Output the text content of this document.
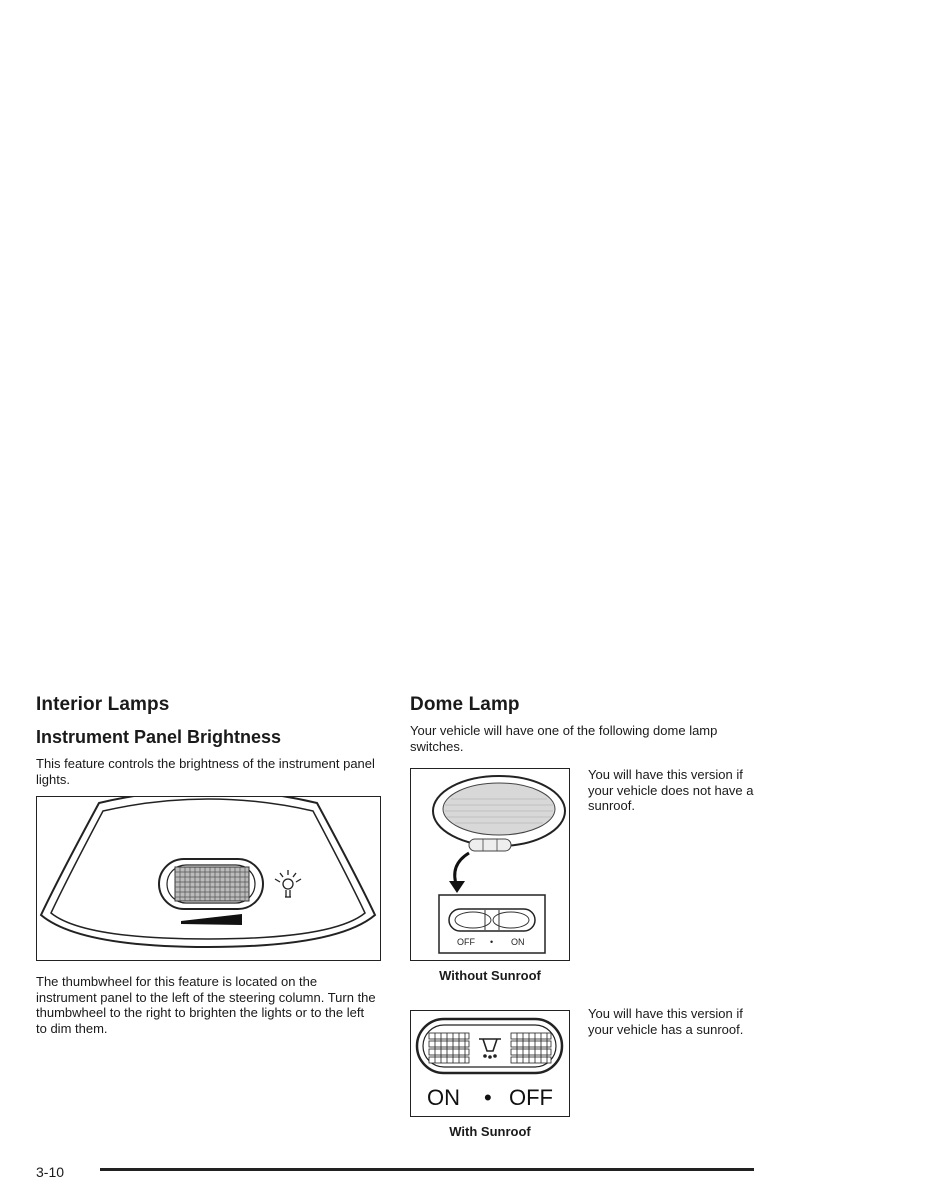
Interior Lamps
Instrument Panel Brightness

This feature controls the brightness of the instrument panel lights.

The thumbwheel for this feature is located on the instrument panel to the left of the steering column. Turn the thumbwheel to the right to brighten the lights or to the left to dim them.

Dome Lamp

Your vehicle will have one of the following dome lamp switches.

OFF • ON

You will have this version if your vehicle does not have a sunroof.

Without Sunroof

ON • OFF

You will have this version if your vehicle has a sunroof.

With Sunroof

3-10
